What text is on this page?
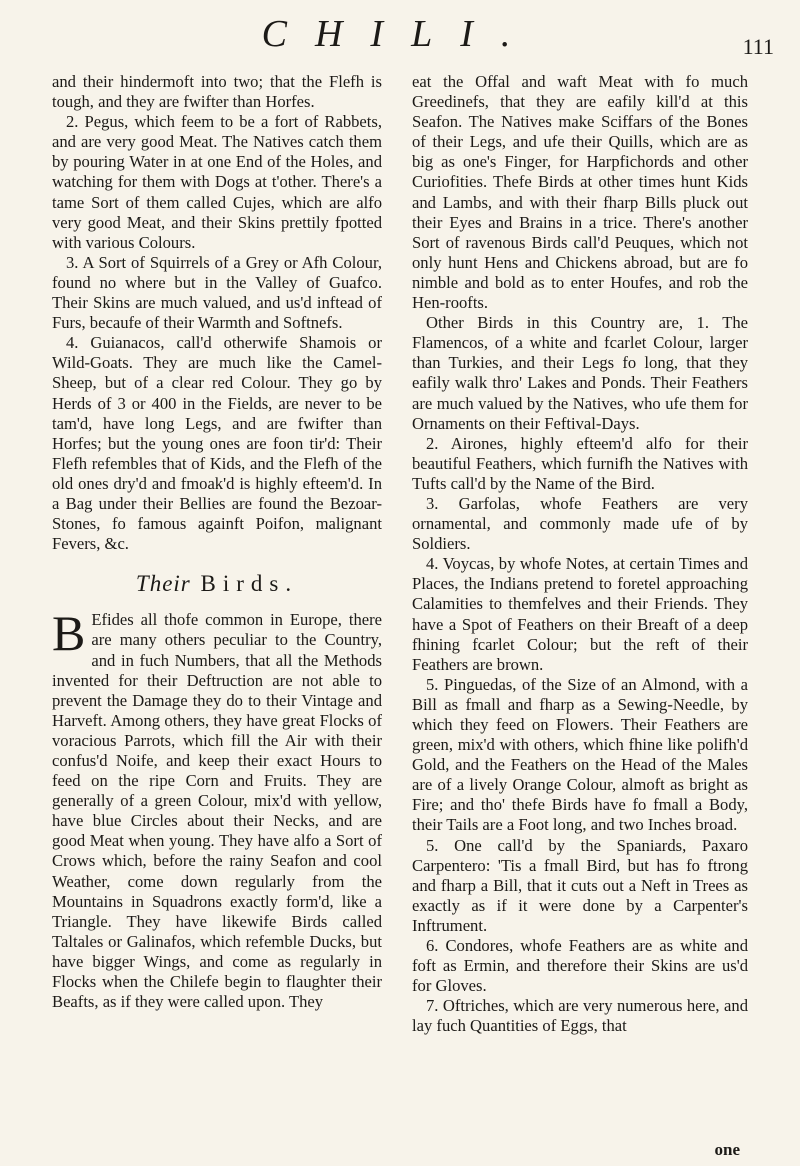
CHILI.	111

and their hindermoft into two; that the Flefh is tough, and they are fwifter than Horfes.

2. Pegus, which feem to be a fort of Rabbets, and are very good Meat. The Natives catch them by pouring Water in at one End of the Holes, and watching for them with Dogs at t'other. There's a tame Sort of them called Cujes, which are alfo very good Meat, and their Skins prettily fpotted with various Colours.

3. A Sort of Squirrels of a Grey or Afh Colour, found no where but in the Valley of Guafco. Their Skins are much valued, and us'd inftead of Furs, becaufe of their Warmth and Softnefs.

4. Guianacos, call'd otherwife Shamois or Wild-Goats. They are much like the Camel-Sheep, but of a clear red Colour. They go by Herds of 3 or 400 in the Fields, are never to be tam'd, have long Legs, and are fwifter than Horfes; but the young ones are foon tir'd: Their Flefh refembles that of Kids, and the Flefh of the old ones dry'd and fmoak'd is highly efteem'd. In a Bag under their Bellies are found the Bezoar-Stones, fo famous againft Poifon, malignant Fevers, &c.

Their Birds.

B Efides all thofe common in Europe, there are many others peculiar to the Country, and in fuch Numbers, that all the Methods invented for their Deftruction are not able to prevent the Damage they do to their Vintage and Harveft. Among others, they have great Flocks of voracious Parrots, which fill the Air with their confus'd Noife, and keep their exact Hours to feed on the ripe Corn and Fruits. They are generally of a green Colour, mix'd with yellow, have blue Circles about their Necks, and are good Meat when young. They have alfo a Sort of Crows which, before the rainy Seafon and cool Weather, come down regularly from the Mountains in Squadrons exactly form'd, like a Triangle. They have likewife Birds called Taltales or Galinafos, which refemble Ducks, but have bigger Wings, and come as regularly in Flocks when the Chilefe begin to flaughter their Beafts, as if they were called upon. They

eat the Offal and waft Meat with fo much Greedinefs, that they are eafily kill'd at this Seafon. The Natives make Sciffars of the Bones of their Legs, and ufe their Quills, which are as big as one's Finger, for Harpfichords and other Curiofities. Thefe Birds at other times hunt Kids and Lambs, and with their fharp Bills pluck out their Eyes and Brains in a trice. There's another Sort of ravenous Birds call'd Peuques, which not only hunt Hens and Chickens abroad, but are fo nimble and bold as to enter Houfes, and rob the Hen-roofts.

Other Birds in this Country are, 1. The Flamencos, of a white and fcarlet Colour, larger than Turkies, and their Legs fo long, that they eafily walk thro' Lakes and Ponds. Their Feathers are much valued by the Natives, who ufe them for Ornaments on their Feftival-Days.

2. Airones, highly efteem'd alfo for their beautiful Feathers, which furnifh the Natives with Tufts call'd by the Name of the Bird.

3. Garfolas, whofe Feathers are very ornamental, and commonly made ufe of by Soldiers.

4. Voycas, by whofe Notes, at certain Times and Places, the Indians pretend to foretel approaching Calamities to themfelves and their Friends. They have a Spot of Feathers on their Breaft of a deep fhining fcarlet Colour; but the reft of their Feathers are brown.

5. Pinguedas, of the Size of an Almond, with a Bill as fmall and fharp as a Sewing-Needle, by which they feed on Flowers. Their Feathers are green, mix'd with others, which fhine like polifh'd Gold, and the Feathers on the Head of the Males are of a lively Orange Colour, almoft as bright as Fire; and tho' thefe Birds have fo fmall a Body, their Tails are a Foot long, and two Inches broad.

5. One call'd by the Spaniards, Paxaro Carpentero: 'Tis a fmall Bird, but has fo ftrong and fharp a Bill, that it cuts out a Neft in Trees as exactly as if it were done by a Carpenter's Inftrument.

6. Condores, whofe Feathers are as white and foft as Ermin, and therefore their Skins are us'd for Gloves.

7. Oftriches, which are very numerous here, and lay fuch Quantities of Eggs, that

one
